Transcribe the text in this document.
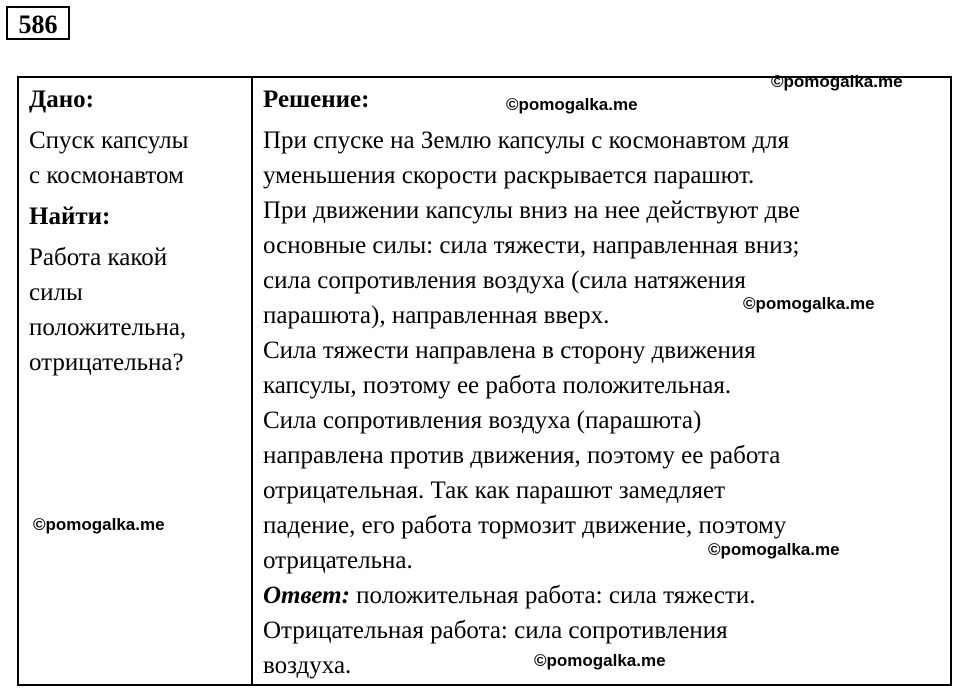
586
Дано:
Спуск капсулы
с космонавтом
Найти:
Работа какой
силы
положительна,
отрицательна?
Решение:
При спуске на Землю капсулы с космонавтом для
уменьшения скорости раскрывается парашют.
При движении капсулы вниз на нее действуют две
основные силы: сила тяжести, направленная вниз;
сила сопротивления воздуха (сила натяжения
парашюта), направленная вверх.
Сила тяжести направлена в сторону движения
капсулы, поэтому ее работа положительная.
Сила сопротивления воздуха (парашюта)
направлена против движения, поэтому ее работа
отрицательная. Так как парашют замедляет
падение, его работа тормозит движение, поэтому
отрицательна.
Ответ: положительная работа: сила тяжести.
Отрицательная работа: сила сопротивления
воздуха.
©pomogalka.me
©pomogalka.me
©pomogalka.me
©pomogalka.me
©pomogalka.me
©pomogalka.me
